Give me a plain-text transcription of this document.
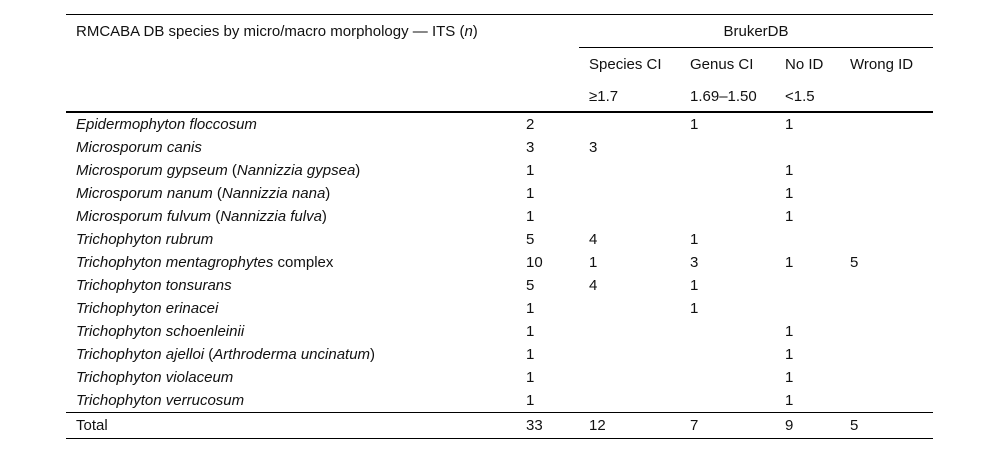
RMCABA DB species by micro/macro morphology — ITS (n)		BrukerDB			
		Species CI	Genus CI	No ID	Wrong ID
		≥1.7	1.69–1.50	<1.5	
Epidermophyton floccosum	2		1	1	
Microsporum canis	3	3			
Microsporum gypseum (Nannizzia gypsea)	1			1	
Microsporum nanum (Nannizzia nana)	1			1	
Microsporum fulvum (Nannizzia fulva)	1			1	
Trichophyton rubrum	5	4	1		
Trichophyton mentagrophytes complex	10	1	3	1	5
Trichophyton tonsurans	5	4	1		
Trichophyton erinacei	1		1		
Trichophyton schoenleinii	1			1	
Trichophyton ajelloi (Arthroderma uncinatum)	1			1	
Trichophyton violaceum	1			1	
Trichophyton verrucosum	1			1	
Total	33	12	7	9	5
